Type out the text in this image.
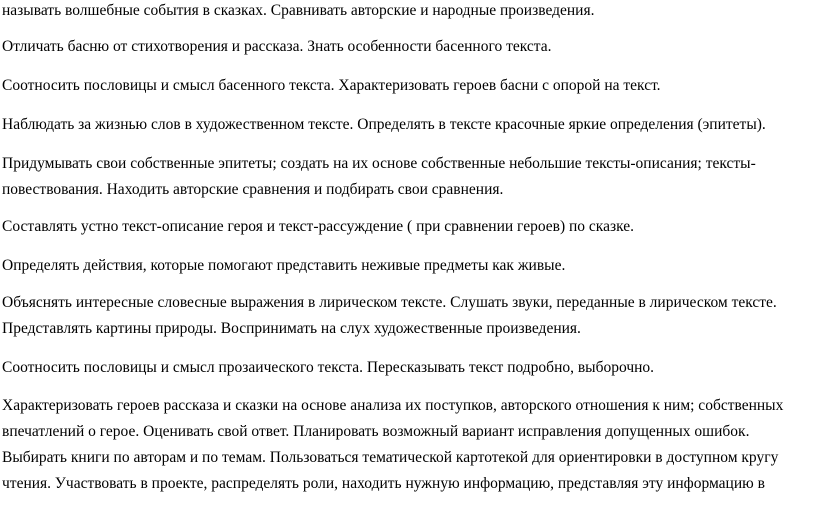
называть волшебные события в сказках. Сравнивать авторские и народные произведения.

Отличать басню от стихотворения и рассказа. Знать особенности басенного текста.

Соотносить пословицы и смысл басенного текста. Характеризовать героев басни с опорой на текст.

Наблюдать за жизнью слов в художественном тексте. Определять в тексте красочные яркие определения (эпитеты).

Придумывать свои собственные эпитеты; создать на их основе собственные небольшие тексты-описания; тексты-
повествования. Находить авторские сравнения и подбирать свои сравнения.

Составлять устно текст-описание героя и текст-рассуждение ( при сравнении героев) по сказке.

Определять действия, которые помогают представить неживые предметы как живые.

Объяснять интересные словесные выражения в лирическом тексте. Слушать звуки, переданные в лирическом тексте.
Представлять картины природы. Воспринимать на слух художественные произведения.

Соотносить пословицы и смысл прозаического текста. Пересказывать текст подробно, выборочно.

Характеризовать героев рассказа и сказки на основе анализа их поступков, авторского отношения к ним; собственных
впечатлений о герое. Оценивать свой ответ. Планировать возможный вариант исправления допущенных ошибок.
Выбирать книги по авторам и по темам. Пользоваться тематической картотекой для ориентировки в доступном кругу
чтения. Участвовать в проекте, распределять роли, находить нужную информацию, представляя эту информацию в
